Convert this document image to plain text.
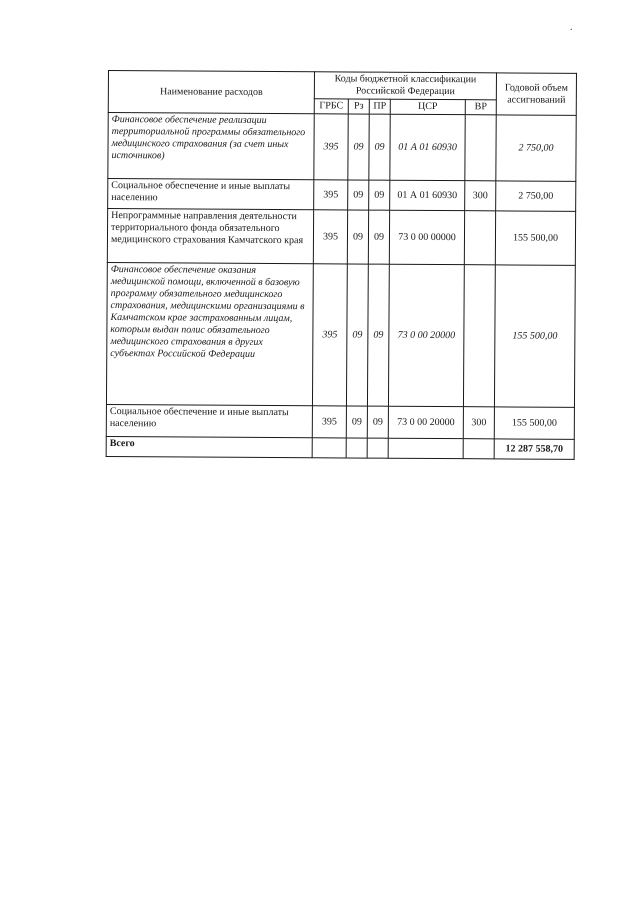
.
Наименование расходов	Коды бюджетной классификации Российской Федерации					Годовой объем ассигнований
	ГРБС	Рз	ПР	ЦСР	ВР	
Финансовое обеспечение реализации территориальной программы обязательного медицинского страхования (за счет иных источников)	395	09	09	01 А 01 60930		2 750,00
Социальное обеспечение и иные выплаты населению	395	09	09	01 А 01 60930	300	2 750,00
Непрограммные направления деятельности территориального фонда обязательного медицинского страхования Камчатского края	395	09	09	73 0 00 00000		155 500,00
Финансовое обеспечение оказания медицинской помощи, включенной в базовую программу обязательного медицинского страхования, медицинскими организациями в Камчатском крае застрахованным лицам, которым выдан полис обязательного медицинского страхования в других субъектах Российской Федерации	395	09	09	73 0 00 20000		155 500,00
Социальное обеспечение и иные выплаты населению	395	09	09	73 0 00 20000	300	155 500,00
Всего						12 287 558,70
